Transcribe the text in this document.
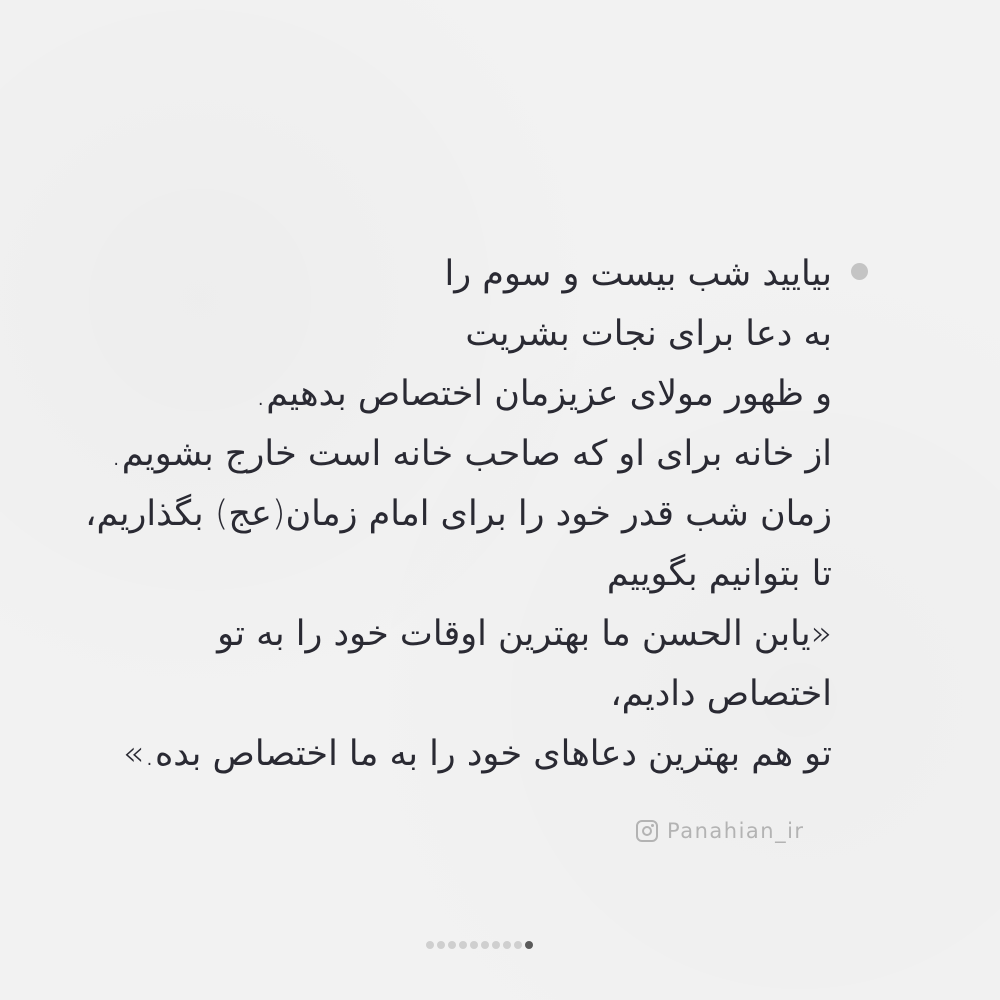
بیایید شب بیست و سوم را
به دعا برای نجات بشریت
و ظهور مولای عزیزمان اختصاص بدهیم.
از خانه برای او که صاحب خانه است خارج بشویم.
زمان شب قدر خود را برای امام زمان(عج) بگذاریم،
تا بتوانیم بگوییم
«یابن الحسن ما بهترین اوقات خود را به تو
اختصاص دادیم،
تو هم بهترین دعاهای خود را به ما اختصاص بده.»
Panahian_ir
